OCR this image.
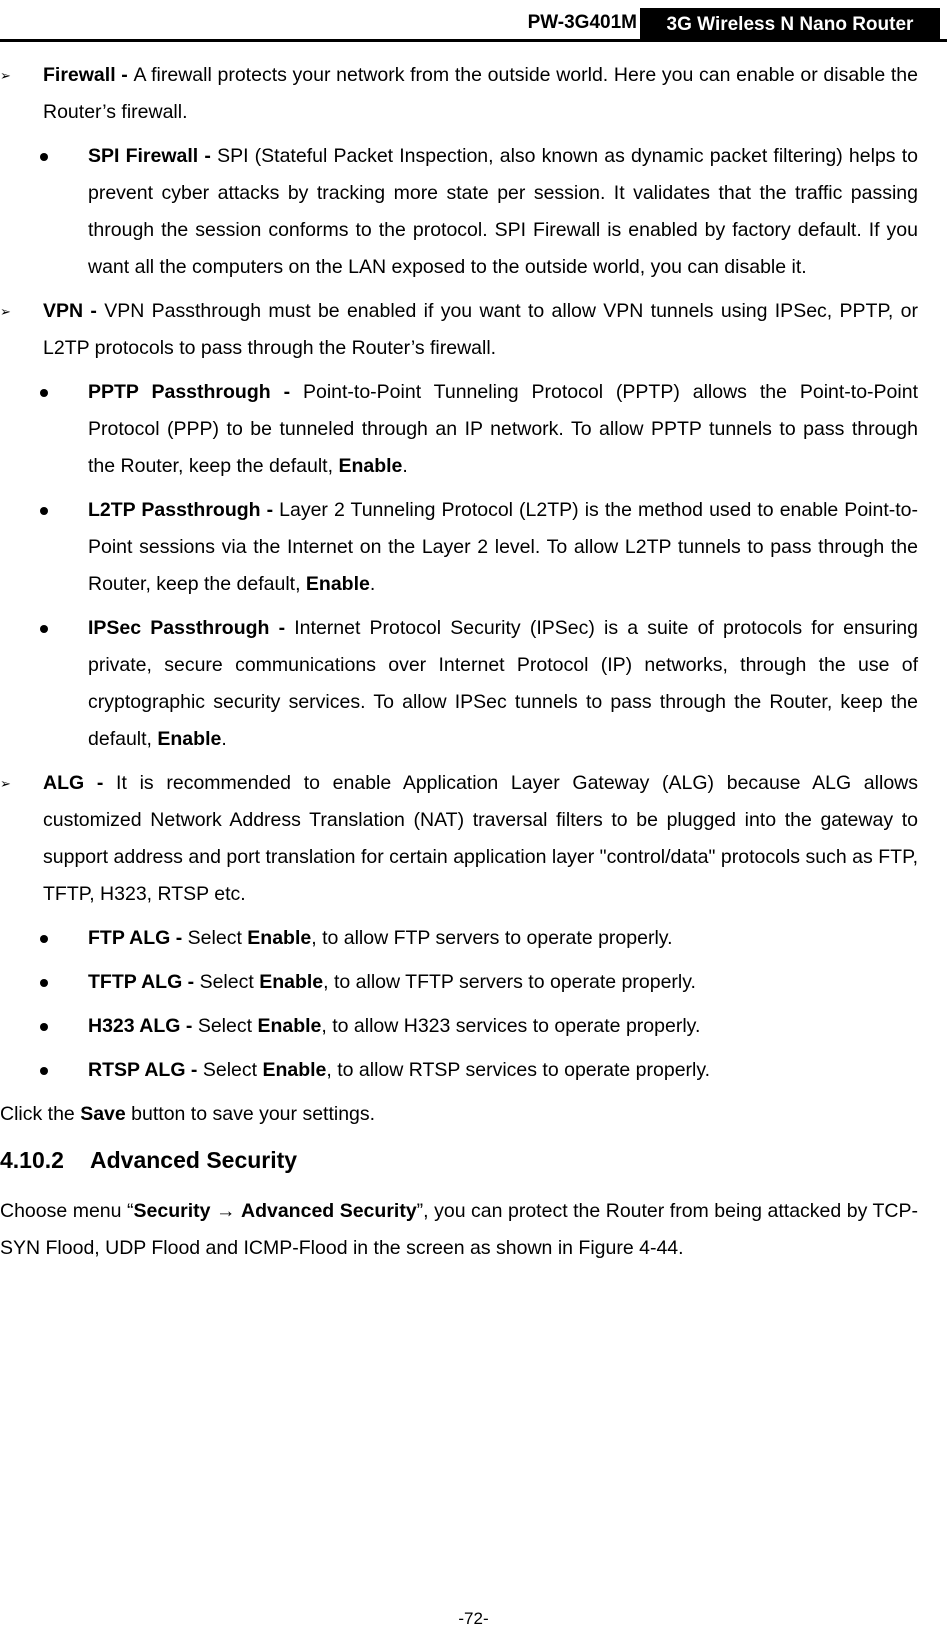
PW-3G401M	3G Wireless N Nano Router
➢	Firewall - A firewall protects your network from the outside world. Here you can enable or disable the Router’s firewall.
SPI Firewall - SPI (Stateful Packet Inspection, also known as dynamic packet filtering) helps to prevent cyber attacks by tracking more state per session. It validates that the traffic passing through the session conforms to the protocol. SPI Firewall is enabled by factory default. If you want all the computers on the LAN exposed to the outside world, you can disable it.
➢	VPN - VPN Passthrough must be enabled if you want to allow VPN tunnels using IPSec, PPTP, or L2TP protocols to pass through the Router’s firewall.
PPTP Passthrough - Point-to-Point Tunneling Protocol (PPTP) allows the Point-to-Point Protocol (PPP) to be tunneled through an IP network. To allow PPTP tunnels to pass through the Router, keep the default, Enable.
L2TP Passthrough - Layer 2 Tunneling Protocol (L2TP) is the method used to enable Point-to-Point sessions via the Internet on the Layer 2 level. To allow L2TP tunnels to pass through the Router, keep the default, Enable.
IPSec Passthrough - Internet Protocol Security (IPSec) is a suite of protocols for ensuring private, secure communications over Internet Protocol (IP) networks, through the use of cryptographic security services. To allow IPSec tunnels to pass through the Router, keep the default, Enable.
➢	ALG - It is recommended to enable Application Layer Gateway (ALG) because ALG allows customized Network Address Translation (NAT) traversal filters to be plugged into the gateway to support address and port translation for certain application layer "control/data" protocols such as FTP, TFTP, H323, RTSP etc.
FTP ALG - Select Enable, to allow FTP servers to operate properly.
TFTP ALG - Select Enable, to allow TFTP servers to operate properly.
H323 ALG - Select Enable, to allow H323 services to operate properly.
RTSP ALG - Select Enable, to allow RTSP services to operate properly.
Click the Save button to save your settings.
4.10.2 Advanced Security
Choose menu “Security → Advanced Security”, you can protect the Router from being attacked by TCP-SYN Flood, UDP Flood and ICMP-Flood in the screen as shown in Figure 4-44.
-72-
